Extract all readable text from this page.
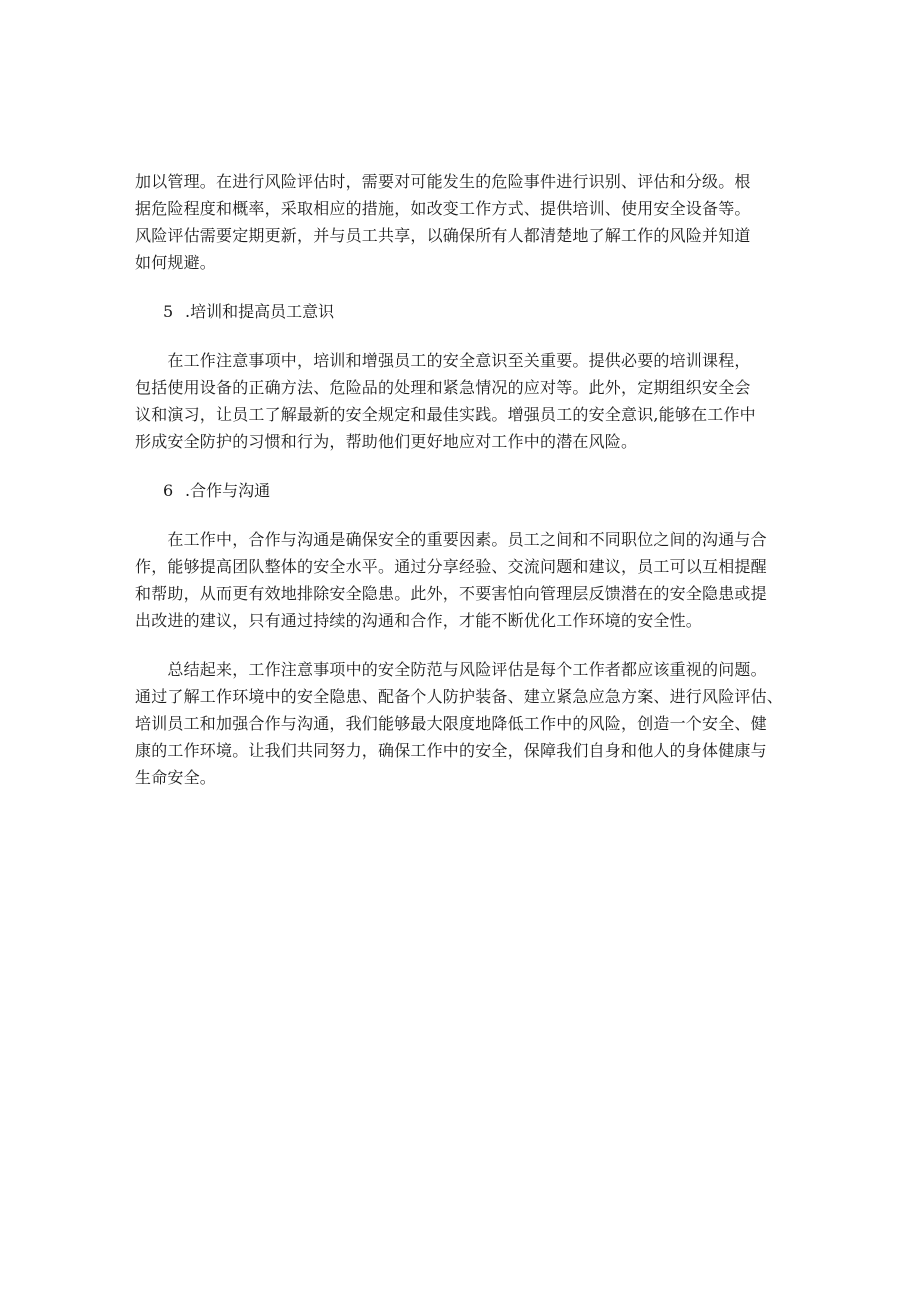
加以管理。在进行风险评估时，需要对可能发生的危险事件进行识别、评估和分级。根
据危险程度和概率，采取相应的措施，如改变工作方式、提供培训、使用安全设备等。
风险评估需要定期更新，并与员工共享，以确保所有人都清楚地了解工作的风险并知道
如何规避。
5 .培训和提高员工意识
　　在工作注意事项中，培训和增强员工的安全意识至关重要。提供必要的培训课程，
包括使用设备的正确方法、危险品的处理和紧急情况的应对等。此外，定期组织安全会
议和演习，让员工了解最新的安全规定和最佳实践。增强员工的安全意识,能够在工作中
形成安全防护的习惯和行为，帮助他们更好地应对工作中的潜在风险。
6 .合作与沟通
　　在工作中，合作与沟通是确保安全的重要因素。员工之间和不同职位之间的沟通与合
作，能够提高团队整体的安全水平。通过分享经验、交流问题和建议，员工可以互相提醒
和帮助，从而更有效地排除安全隐患。此外，不要害怕向管理层反馈潜在的安全隐患或提
出改进的建议，只有通过持续的沟通和合作，才能不断优化工作环境的安全性。
　　总结起来，工作注意事项中的安全防范与风险评估是每个工作者都应该重视的问题。
通过了解工作环境中的安全隐患、配备个人防护装备、建立紧急应急方案、进行风险评估、
培训员工和加强合作与沟通，我们能够最大限度地降低工作中的风险，创造一个安全、健
康的工作环境。让我们共同努力，确保工作中的安全，保障我们自身和他人的身体健康与
生命安全。
